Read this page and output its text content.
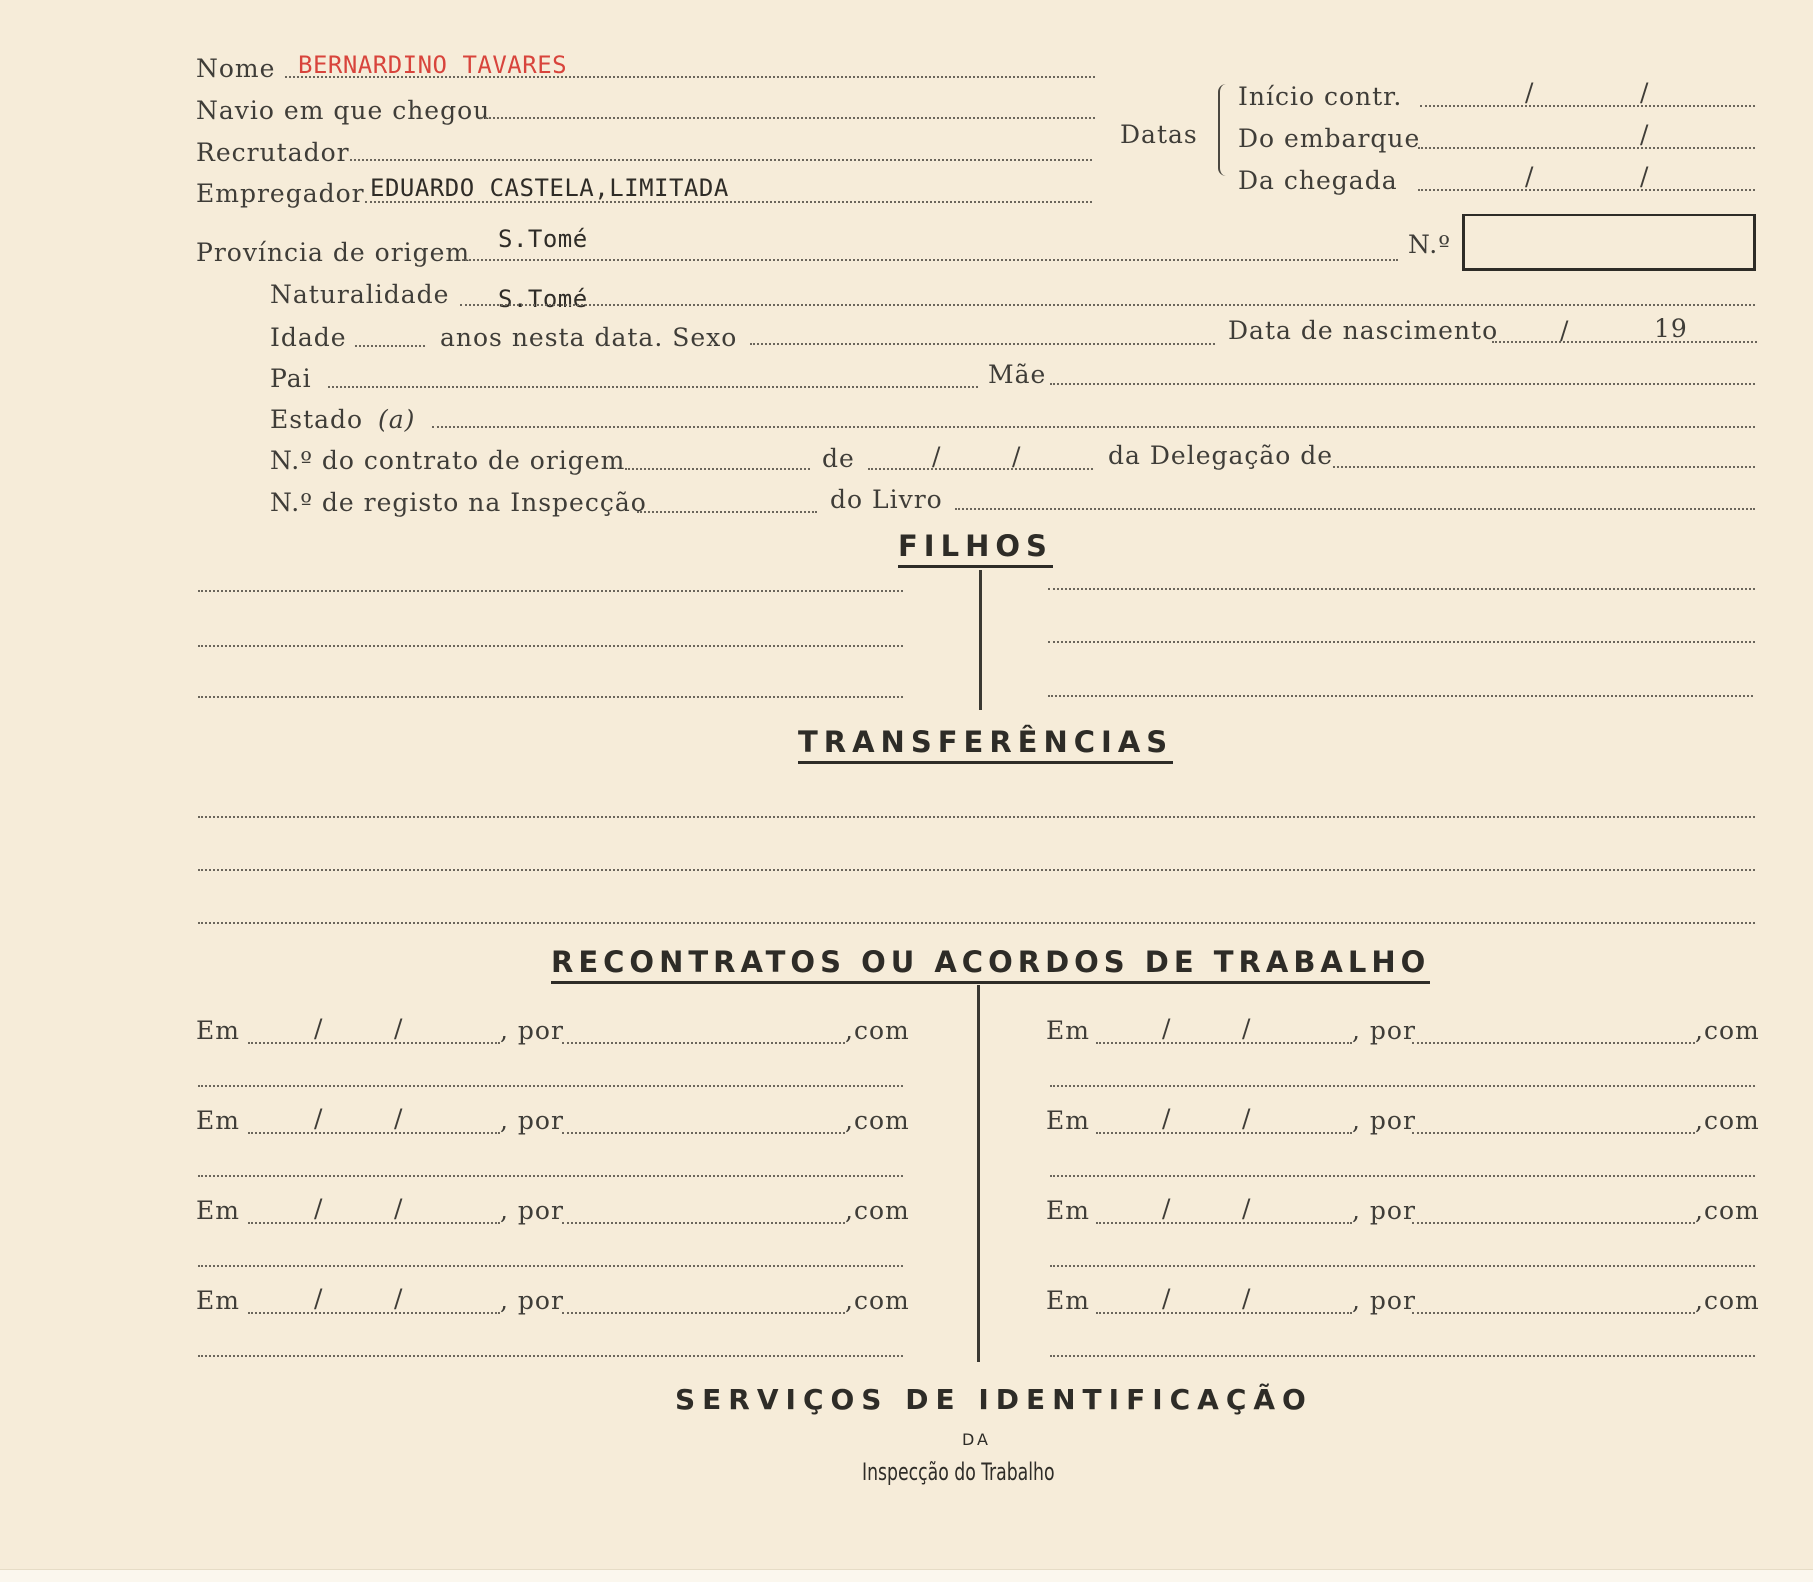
Nome BERNARDINO TAVARES
Navio em que chegou
Recrutador
Empregador EDUARDO CASTELA,LIMITADA
Datas
Início contr.	/	/
Do embarque	/
Da chegada	/	/
Província de origem S.Tomé	N.º
Naturalidade S.Tomé
Idade	anos nesta data. Sexo	Data de nascimento /	19
Pai	Mãe
Estado (a)
N.º do contrato de origem	de	/	/	da Delegação de
N.º de registo na Inspecção	do Livro
FILHOS
TRANSFERÊNCIAS
RECONTRATOS OU ACORDOS DE TRABALHO
Em	/	/	, por	,com
Em	/	/	, por	,com
Em	/	/	, por	,com
Em	/	/	, por	,com
Em	/	/	, por	,com
Em	/	/	, por	,com
Em	/	/	, por	,com
Em	/	/	, por	,com
SERVIÇOS DE IDENTIFICAÇÃO
DA
Inspecção do Trabalho
